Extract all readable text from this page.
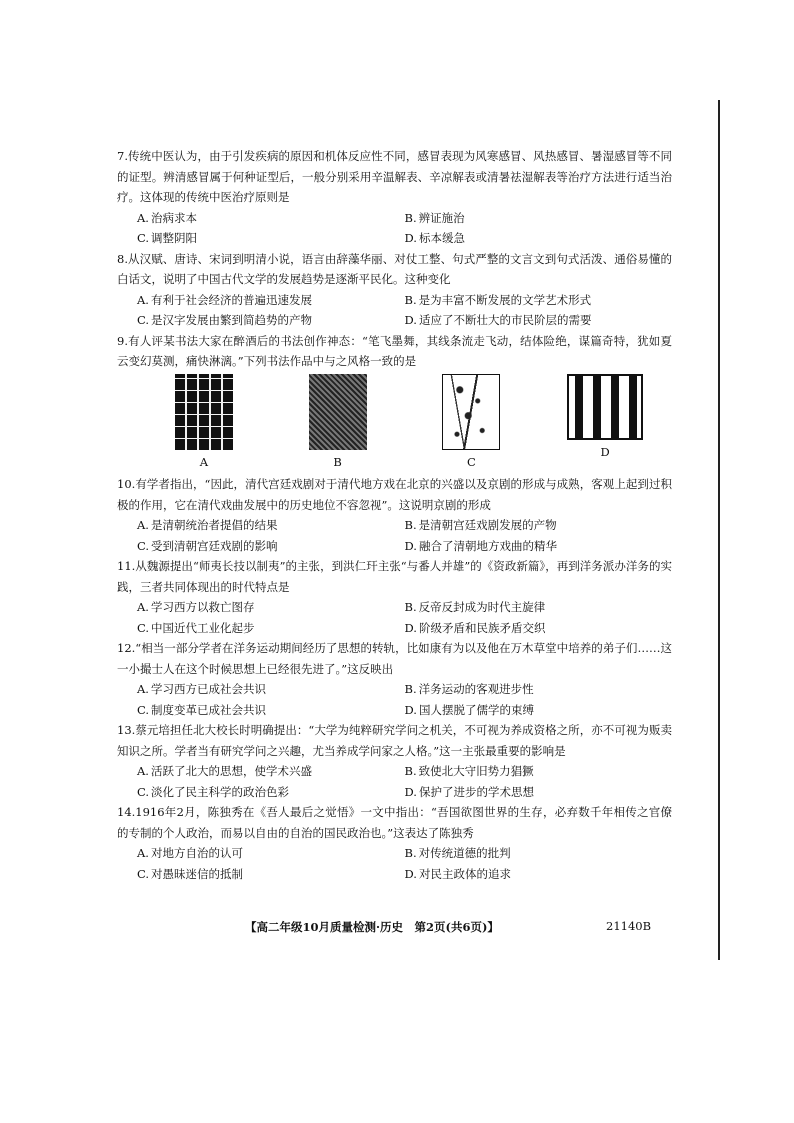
7.传统中医认为，由于引发疾病的原因和机体反应性不同，感冒表现为风寒感冒、风热感冒、暑湿感冒等不同的证型。辨清感冒属于何种证型后，一般分别采用辛温解表、辛凉解表或清暑祛湿解表等治疗方法进行适当治疗。这体现的传统中医治疗原则是

A. 治病求本	B. 辨证施治
C. 调整阴阳	D. 标本缓急

8.从汉赋、唐诗、宋词到明清小说，语言由辞藻华丽、对仗工整、句式严整的文言文到句式活泼、通俗易懂的白话文，说明了中国古代文学的发展趋势是逐渐平民化。这种变化

A. 有利于社会经济的普遍迅速发展	B. 是为丰富不断发展的文学艺术形式
C. 是汉字发展由繁到简趋势的产物	D. 适应了不断壮大的市民阶层的需要

9.有人评某书法大家在醉酒后的书法创作神态：“笔飞墨舞，其线条流走飞动，结体险绝，谋篇奇特，犹如夏云变幻莫测，痛快淋漓。”下列书法作品中与之风格一致的是

A	B	C
D

10.有学者指出，“因此，清代宫廷戏剧对于清代地方戏在北京的兴盛以及京剧的形成与成熟，客观上起到过积极的作用，它在清代戏曲发展中的历史地位不容忽视”。这说明京剧的形成

A. 是清朝统治者提倡的结果	B. 是清朝宫廷戏剧发展的产物
C. 受到清朝宫廷戏剧的影响	D. 融合了清朝地方戏曲的精华

11.从魏源提出“师夷长技以制夷”的主张，到洪仁玕主张“与番人并雄”的《资政新篇》，再到洋务派办洋务的实践，三者共同体现出的时代特点是

A. 学习西方以救亡图存	B. 反帝反封成为时代主旋律
C. 中国近代工业化起步	D. 阶级矛盾和民族矛盾交织

12.“相当一部分学者在洋务运动期间经历了思想的转轨，比如康有为以及他在万木草堂中培养的弟子们……这一小撮士人在这个时候思想上已经很先进了。”这反映出

A. 学习西方已成社会共识	B. 洋务运动的客观进步性
C. 制度变革已成社会共识	D. 国人摆脱了儒学的束缚

13.蔡元培担任北大校长时明确提出：“大学为纯粹研究学问之机关，不可视为养成资格之所，亦不可视为贩卖知识之所。学者当有研究学问之兴趣，尤当养成学问家之人格。”这一主张最重要的影响是

A. 活跃了北大的思想，使学术兴盛	B. 致使北大守旧势力猖獗
C. 淡化了民主科学的政治色彩	D. 保护了进步的学术思想

14.1916年2月，陈独秀在《吾人最后之觉悟》一文中指出：“吾国欲图世界的生存，必弃数千年相传之官僚的专制的个人政治，而易以自由的自治的国民政治也。”这表达了陈独秀

A. 对地方自治的认可	B. 对传统道德的批判
C. 对愚昧迷信的抵制	D. 对民主政体的追求
【高二年级10月质量检测·历史　第2页(共6页)】	21140B
